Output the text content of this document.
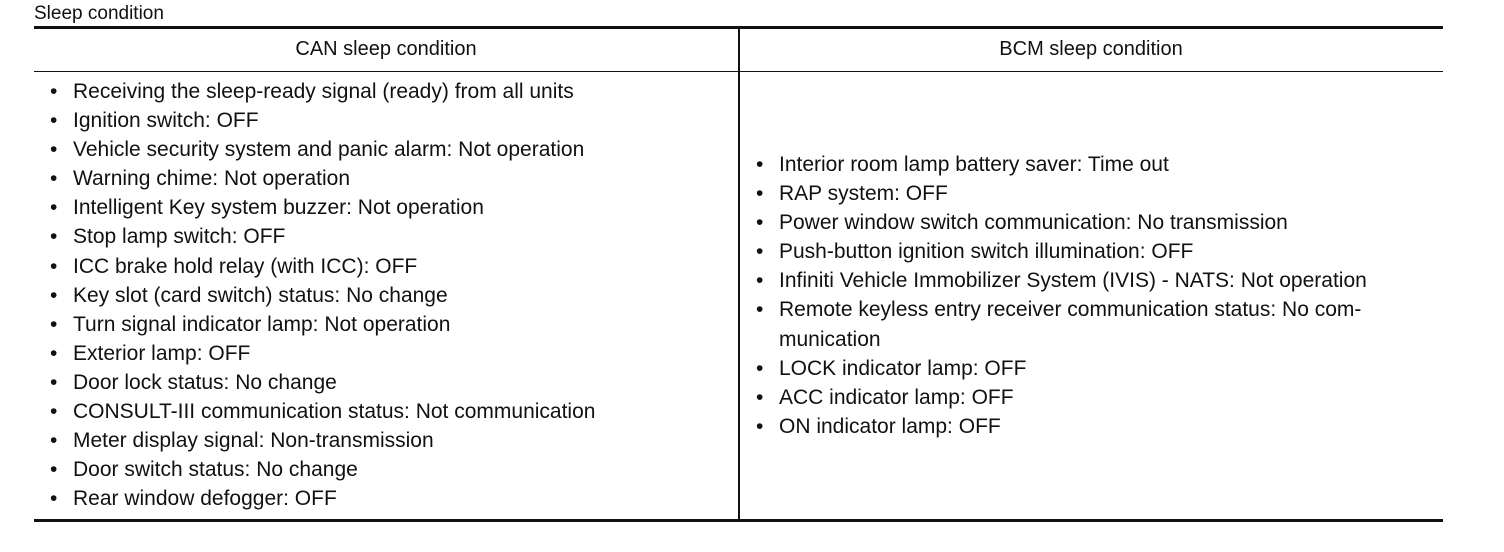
Sleep condition
CAN sleep condition	BCM sleep condition
• Receiving the sleep-ready signal (ready) from all units
• Ignition switch: OFF
• Vehicle security system and panic alarm: Not operation
• Warning chime: Not operation
• Intelligent Key system buzzer: Not operation
• Stop lamp switch: OFF
• ICC brake hold relay (with ICC): OFF
• Key slot (card switch) status: No change
• Turn signal indicator lamp: Not operation
• Exterior lamp: OFF
• Door lock status: No change
• CONSULT-III communication status: Not communication
• Meter display signal: Non-transmission
• Door switch status: No change
• Rear window defogger: OFF
• Interior room lamp battery saver: Time out
• RAP system: OFF
• Power window switch communication: No transmission
• Push-button ignition switch illumination: OFF
• Infiniti Vehicle Immobilizer System (IVIS) - NATS: Not operation
• Remote keyless entry receiver communication status: No com-munication
• LOCK indicator lamp: OFF
• ACC indicator lamp: OFF
• ON indicator lamp: OFF
